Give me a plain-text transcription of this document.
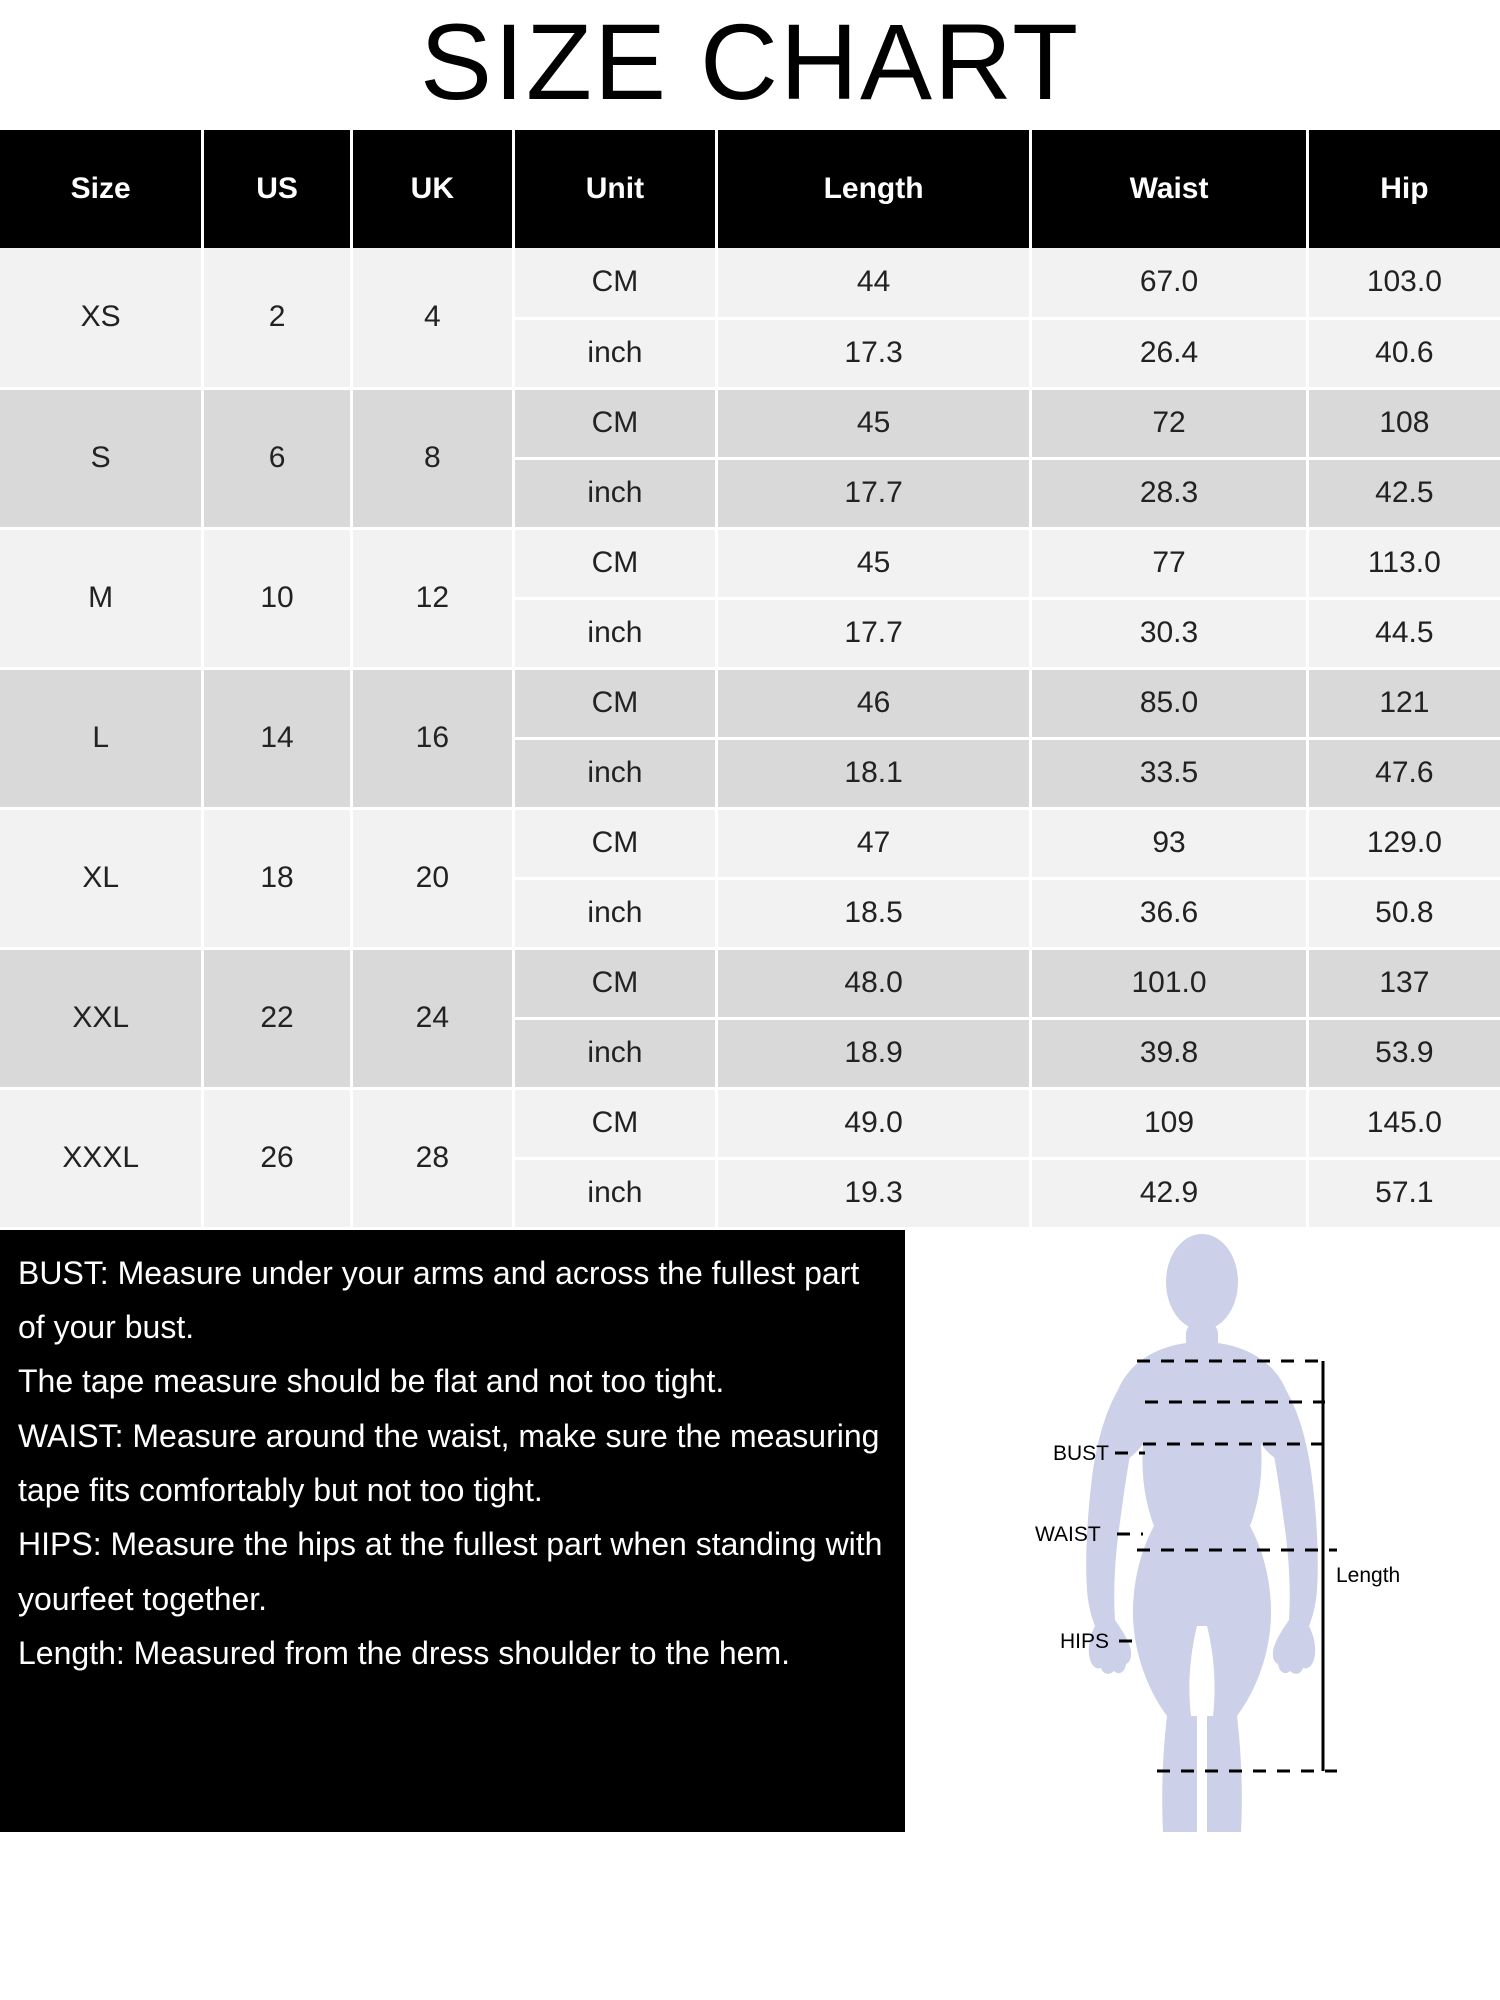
SIZE CHART
Size	US	UK	Unit	Length	Waist	Hip
XS	2	4	CM	44	67.0	103.0
			inch	17.3	26.4	40.6
S	6	8	CM	45	72	108
			inch	17.7	28.3	42.5
M	10	12	CM	45	77	113.0
			inch	17.7	30.3	44.5
L	14	16	CM	46	85.0	121
			inch	18.1	33.5	47.6
XL	18	20	CM	47	93	129.0
			inch	18.5	36.6	50.8
XXL	22	24	CM	48.0	101.0	137
			inch	18.9	39.8	53.9
XXXL	26	28	CM	49.0	109	145.0
			inch	19.3	42.9	57.1

BUST: Measure under your arms and across the fullest part of your bust.

The tape measure should be flat and not too tight.

WAIST: Measure around the waist, make sure the measuring tape fits comfortably but not too tight.

HIPS: Measure the hips at the fullest part when standing with yourfeet together.

Length: Measured from the dress shoulder to the hem.

BUST
WAIST
HIPS
Length
